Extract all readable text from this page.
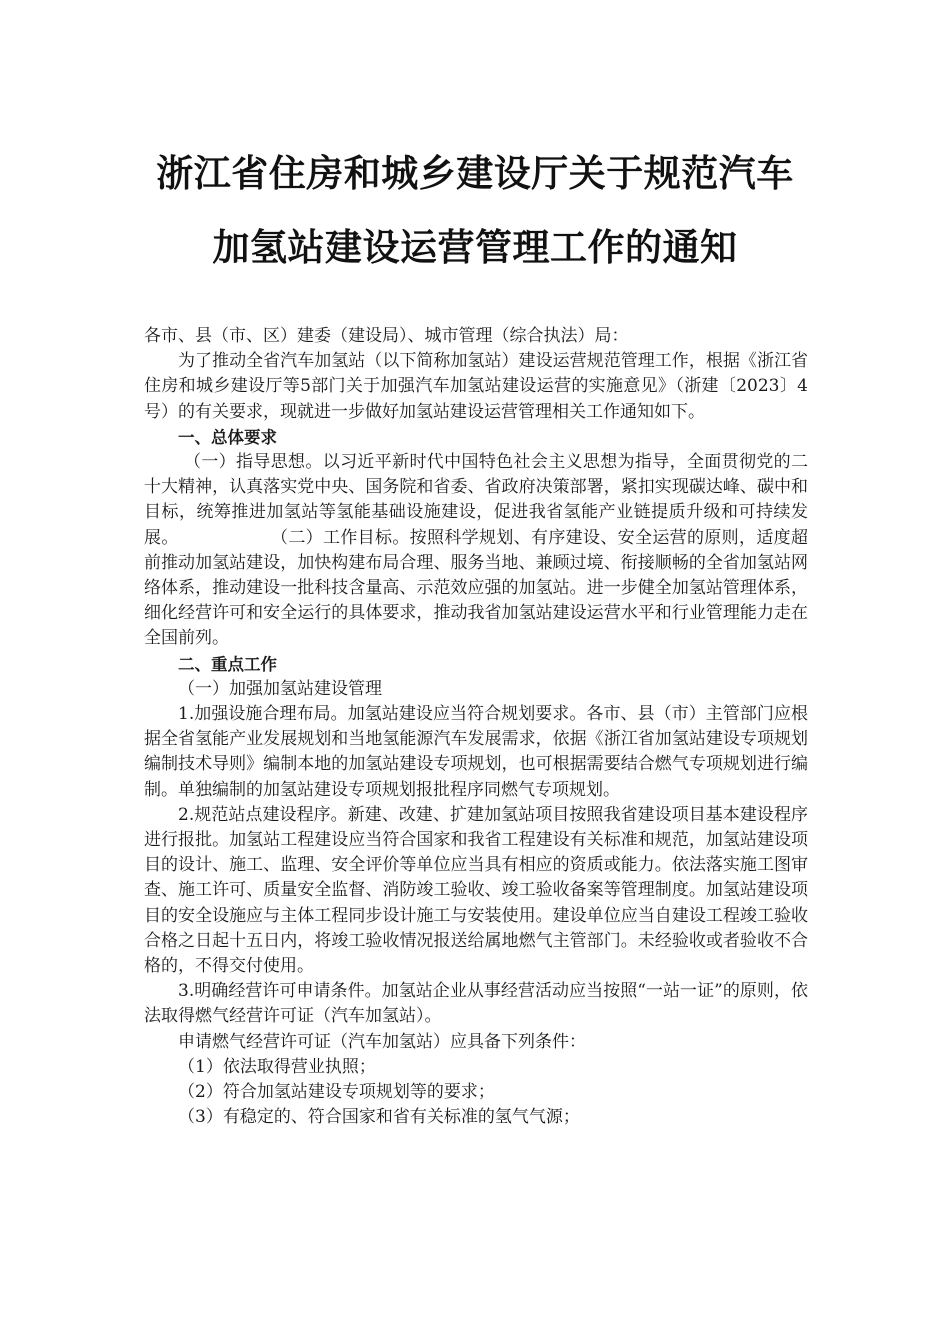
浙江省住房和城乡建设厅关于规范汽车
加氢站建设运营管理工作的通知

各市、县（市、区）建委（建设局）、城市管理（综合执法）局：

为了推动全省汽车加氢站（以下简称加氢站）建设运营规范管理工作，根据《浙江省住房和城乡建设厅等5部门关于加强汽车加氢站建设运营的实施意见》（浙建〔2023〕4号）的有关要求，现就进一步做好加氢站建设运营管理相关工作通知如下。

一、总体要求

（一）指导思想。以习近平新时代中国特色社会主义思想为指导，全面贯彻党的二十大精神，认真落实党中央、国务院和省委、省政府决策部署，紧扣实现碳达峰、碳中和目标，统筹推进加氢站等氢能基础设施建设，促进我省氢能产业链提质升级和可持续发展。	（二）工作目标。按照科学规划、有序建设、安全运营的原则，适度超前推动加氢站建设，加快构建布局合理、服务当地、兼顾过境、衔接顺畅的全省加氢站网络体系，推动建设一批科技含量高、示范效应强的加氢站。进一步健全加氢站管理体系，细化经营许可和安全运行的具体要求，推动我省加氢站建设运营水平和行业管理能力走在全国前列。

二、重点工作

（一）加强加氢站建设管理

1.加强设施合理布局。加氢站建设应当符合规划要求。各市、县（市）主管部门应根据全省氢能产业发展规划和当地氢能源汽车发展需求，依据《浙江省加氢站建设专项规划编制技术导则》编制本地的加氢站建设专项规划，也可根据需要结合燃气专项规划进行编制。单独编制的加氢站建设专项规划报批程序同燃气专项规划。

2.规范站点建设程序。新建、改建、扩建加氢站项目按照我省建设项目基本建设程序进行报批。加氢站工程建设应当符合国家和我省工程建设有关标准和规范，加氢站建设项目的设计、施工、监理、安全评价等单位应当具有相应的资质或能力。依法落实施工图审查、施工许可、质量安全监督、消防竣工验收、竣工验收备案等管理制度。加氢站建设项目的安全设施应与主体工程同步设计施工与安装使用。建设单位应当自建设工程竣工验收合格之日起十五日内，将竣工验收情况报送给属地燃气主管部门。未经验收或者验收不合格的，不得交付使用。

3.明确经营许可申请条件。加氢站企业从事经营活动应当按照“一站一证”的原则，依法取得燃气经营许可证（汽车加氢站）。

申请燃气经营许可证（汽车加氢站）应具备下列条件：

（1）依法取得营业执照；

（2）符合加氢站建设专项规划等的要求；

（3）有稳定的、符合国家和省有关标准的氢气气源；
